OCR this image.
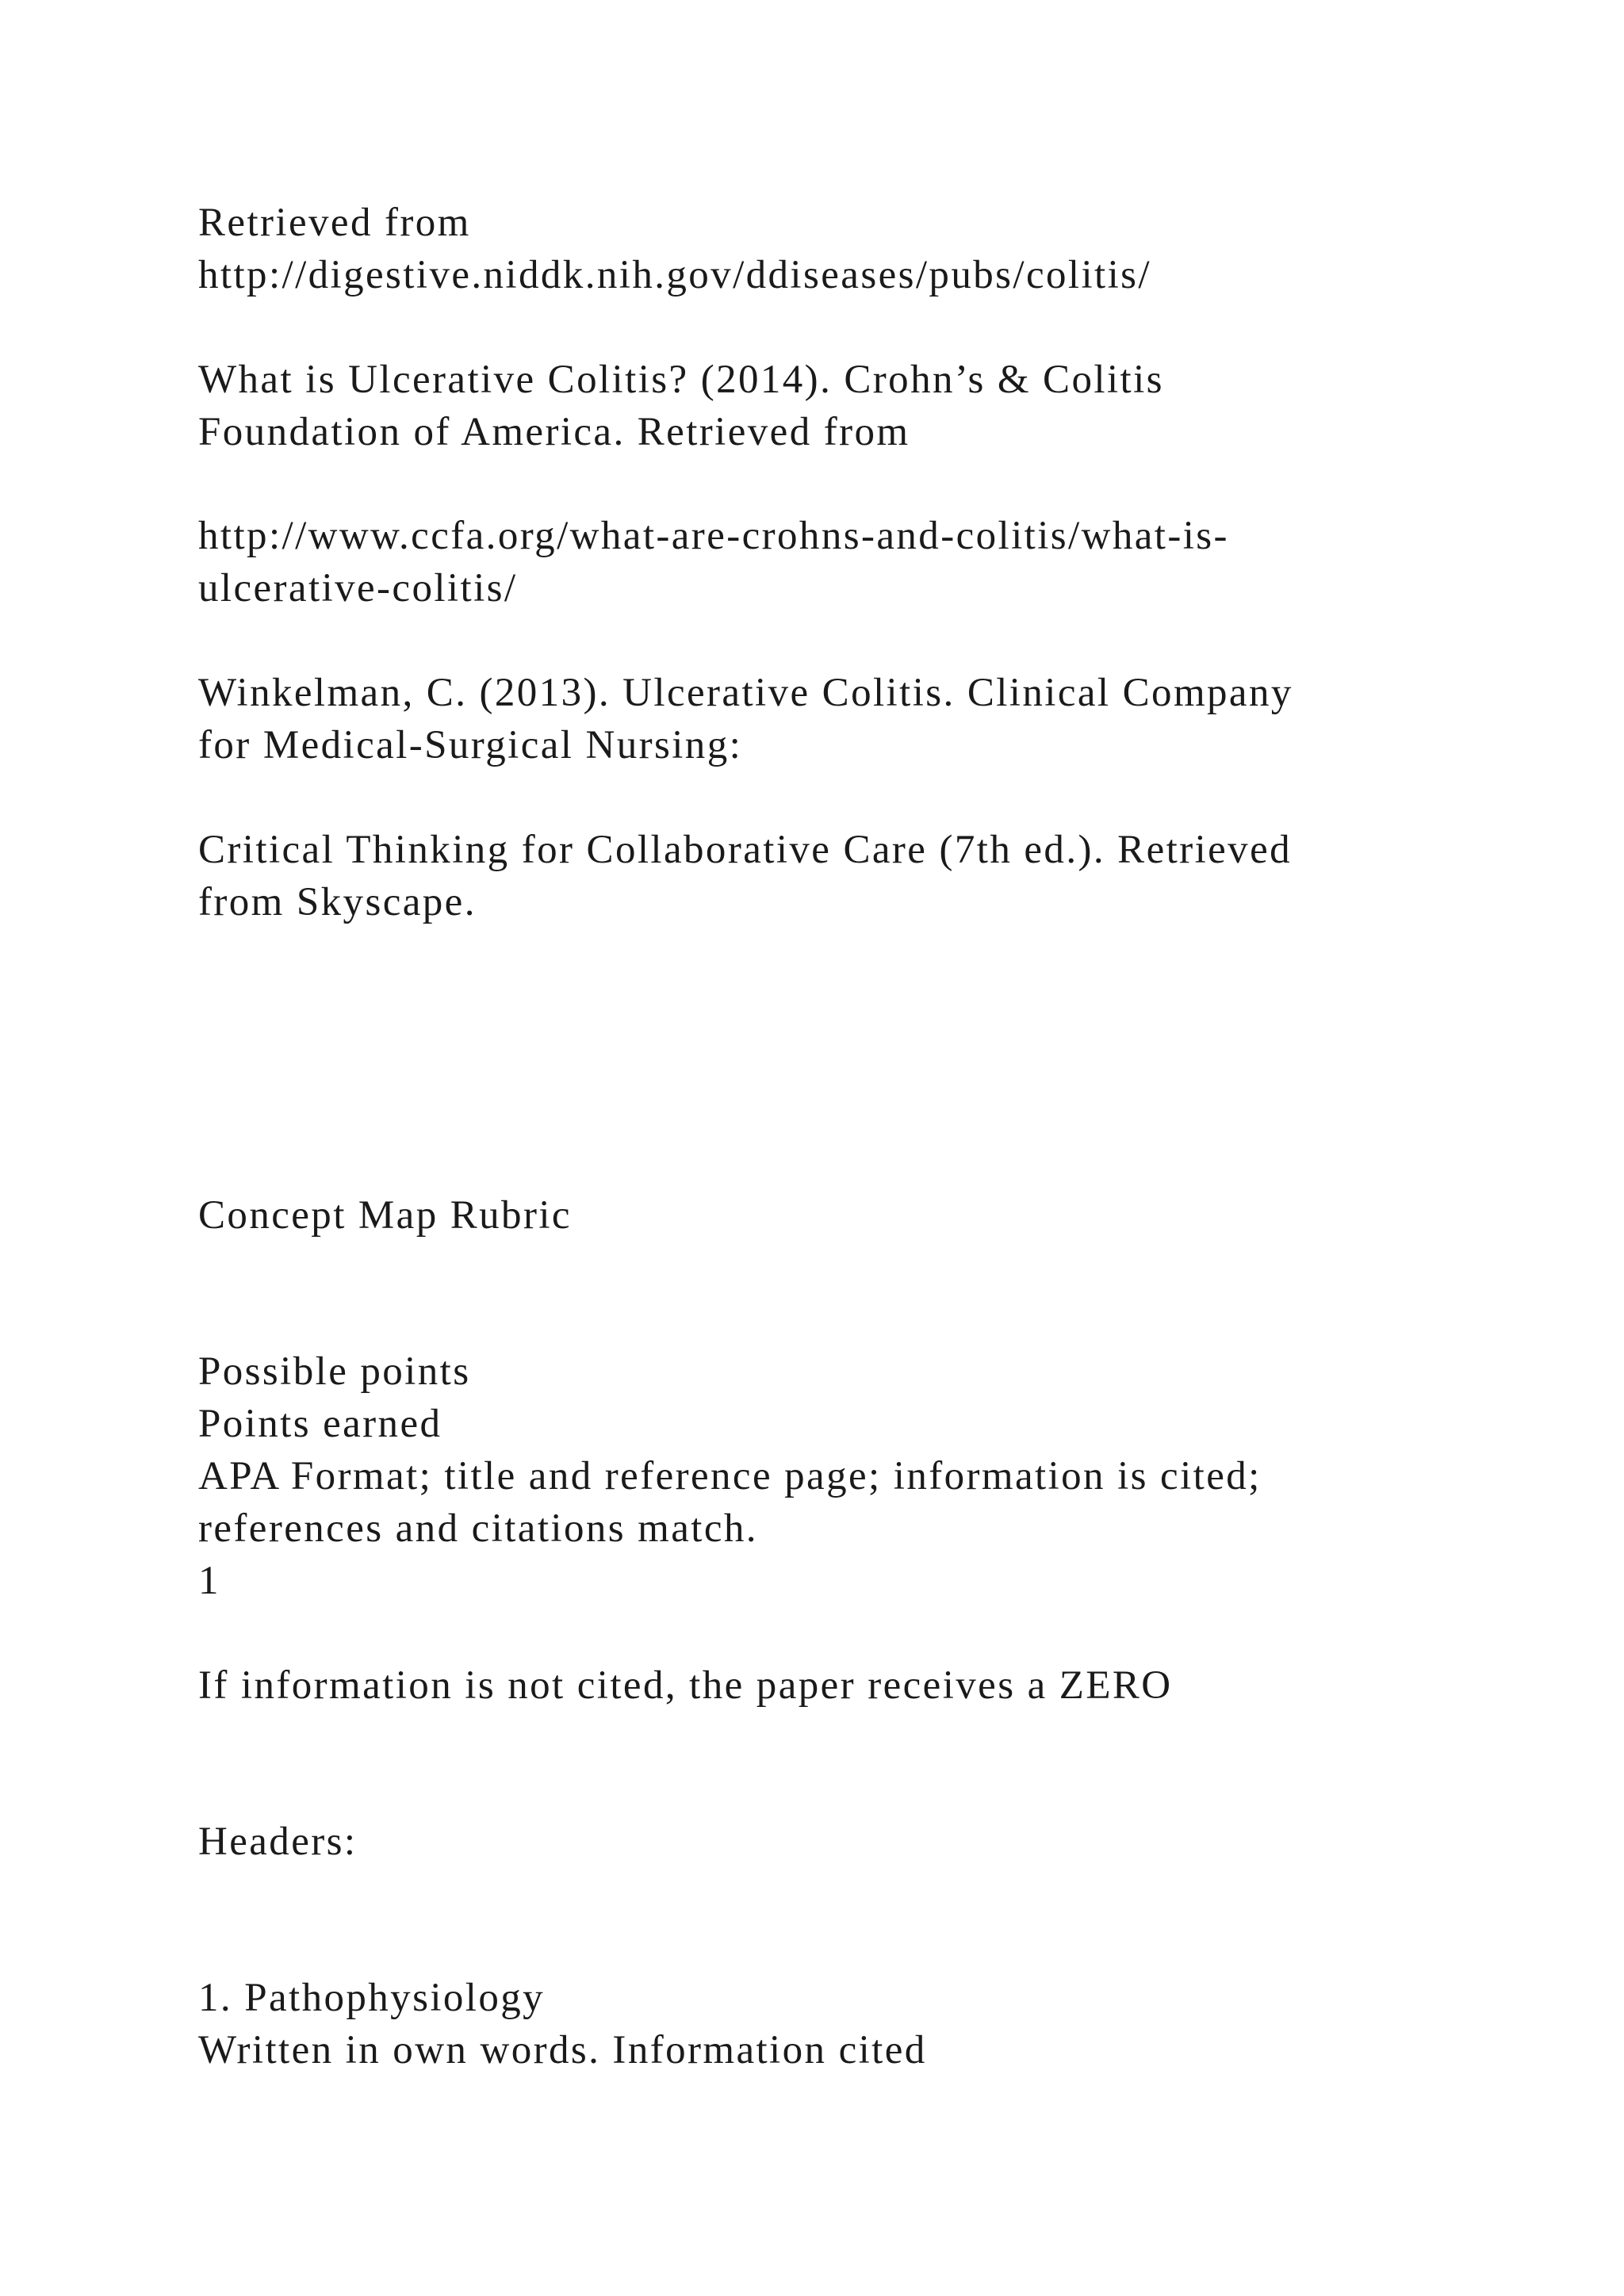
Retrieved from

http://digestive.niddk.nih.gov/ddiseases/pubs/colitis/

What is Ulcerative Colitis? (2014). Crohn’s & Colitis

Foundation of America. Retrieved from

http://www.ccfa.org/what-are-crohns-and-colitis/what-is-

ulcerative-colitis/

Winkelman, C. (2013). Ulcerative Colitis. Clinical Company

for Medical-Surgical Nursing:

Critical Thinking for Collaborative Care (7th ed.). Retrieved

from Skyscape.

Concept Map Rubric

Possible points

Points earned

APA Format; title and reference page; information is cited;

references and citations match.

1

If information is not cited, the paper receives a ZERO

Headers:

1. Pathophysiology

Written in own words. Information cited
